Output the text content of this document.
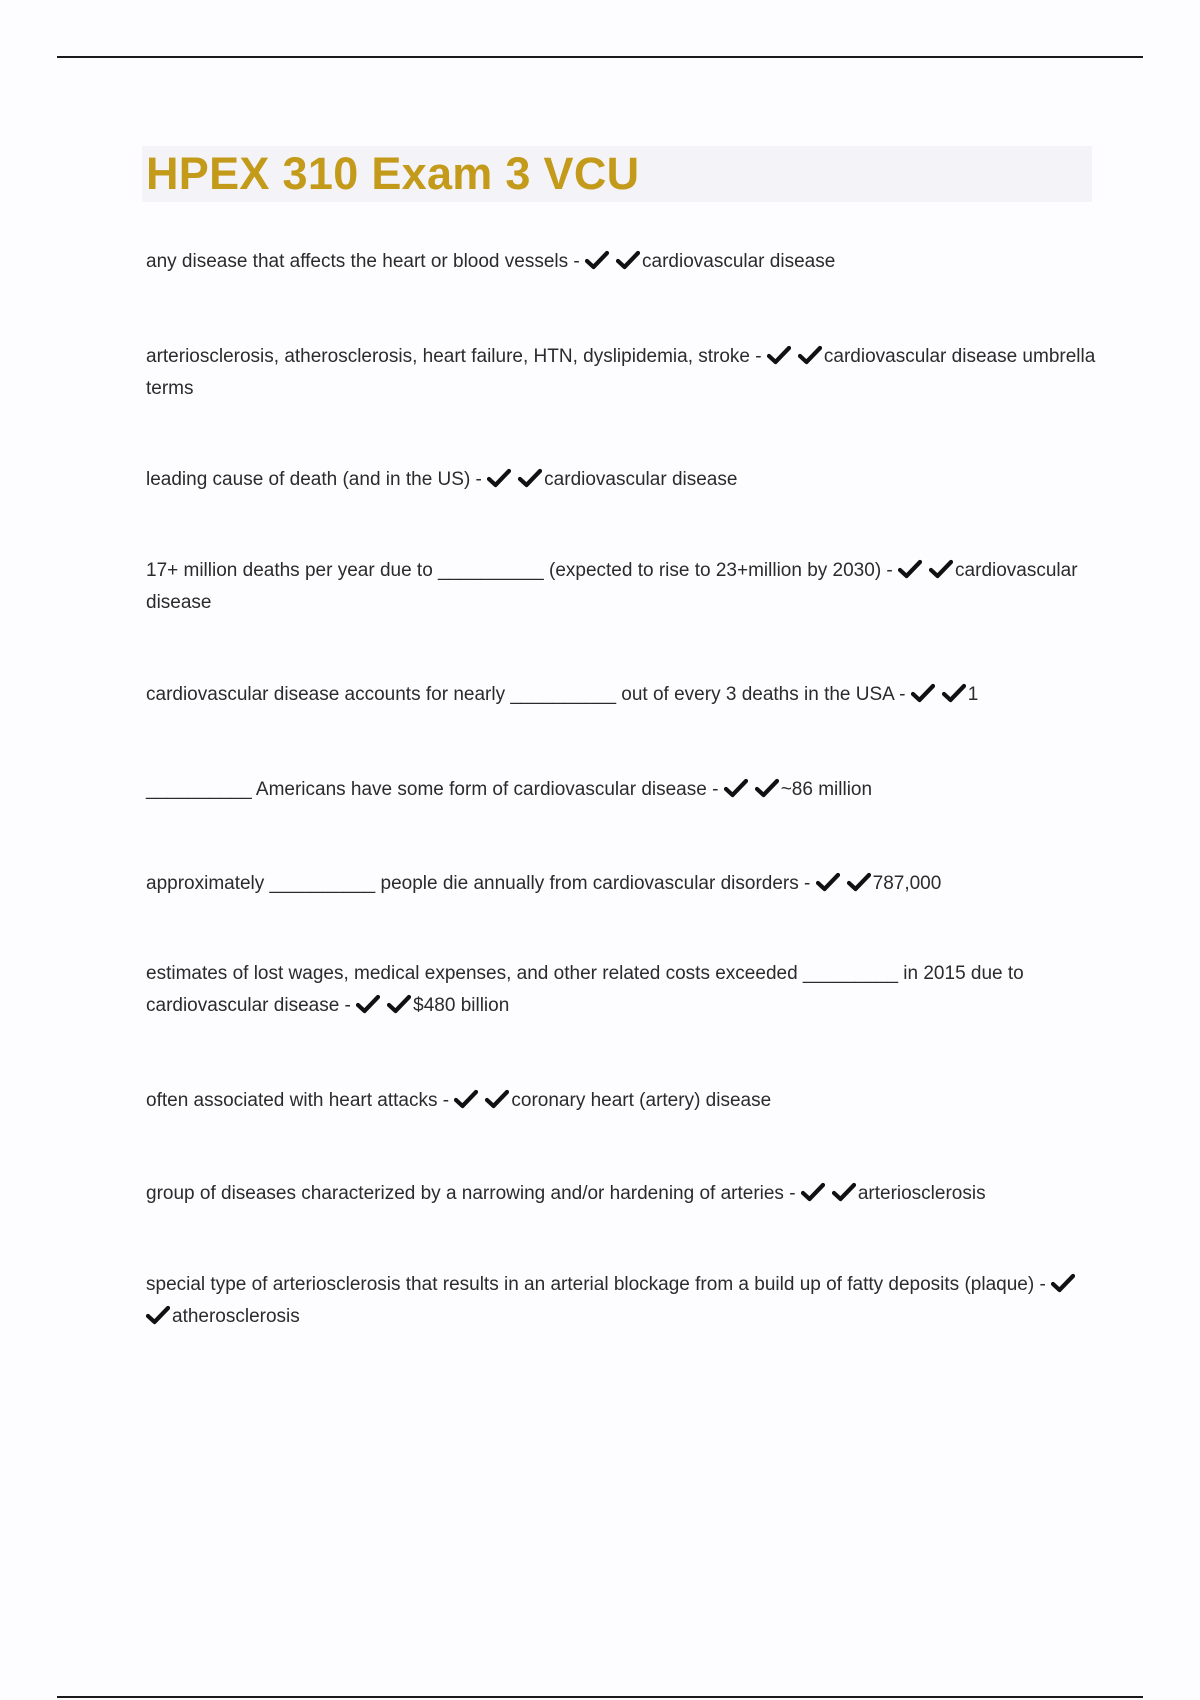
HPEX 310 Exam 3 VCU

any disease that affects the heart or blood vessels -	cardiovascular disease

arteriosclerosis, atherosclerosis, heart failure, HTN, dyslipidemia, stroke -	cardiovascular disease umbrella terms

leading cause of death (and in the US) -	cardiovascular disease

17+ million deaths per year due to __________ (expected to rise to 23+million by 2030) -	cardiovascular disease

cardiovascular disease accounts for nearly __________ out of every 3 deaths in the USA -	1

__________ Americans have some form of cardiovascular disease -	~86 million

approximately __________ people die annually from cardiovascular disorders -	787,000

estimates of lost wages, medical expenses, and other related costs exceeded _________ in 2015 due to cardiovascular disease -	$480 billion

often associated with heart attacks -	coronary heart (artery) disease

group of diseases characterized by a narrowing and/or hardening of arteries -	arteriosclerosis

special type of arteriosclerosis that results in an arterial blockage from a build up of fatty deposits (plaque) -
atherosclerosis
